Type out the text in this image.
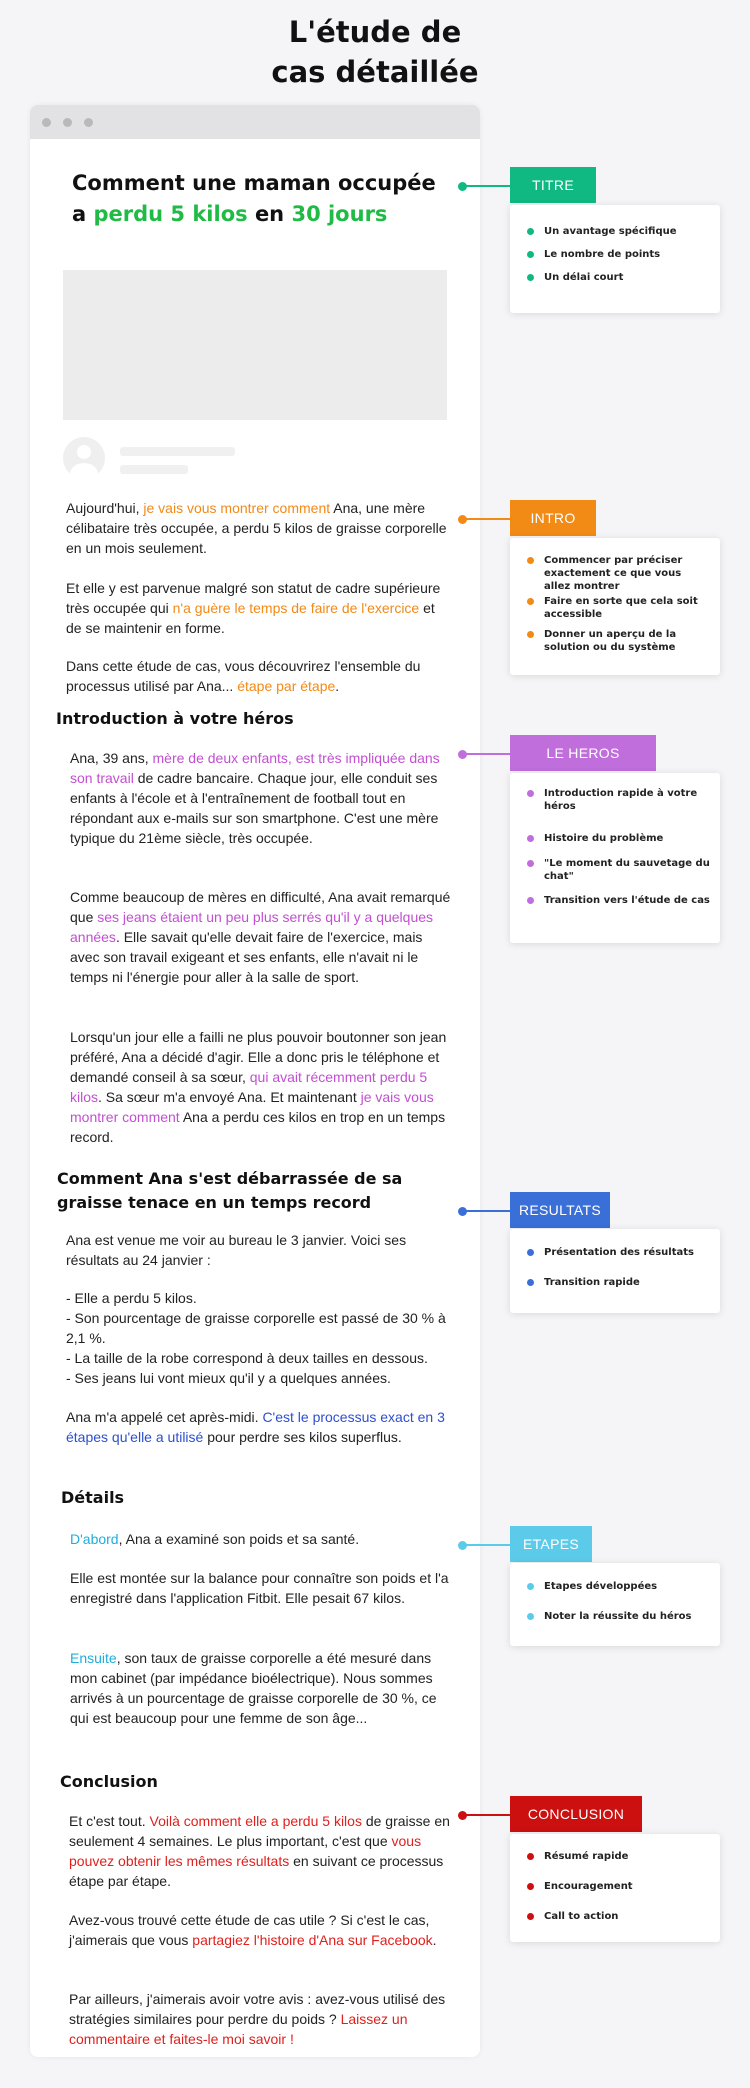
L'étude de cas détaillée
Comment une maman occupée a perdu 5 kilos en 30 jours
Aujourd'hui, je vais vous montrer comment Ana, une mère célibataire très occupée, a perdu 5 kilos de graisse corporelle en un mois seulement.
Et elle y est parvenue malgré son statut de cadre supérieure très occupée qui n'a guère le temps de faire de l'exercice et de se maintenir en forme.
Dans cette étude de cas, vous découvrirez l'ensemble du processus utilisé par Ana... étape par étape.
Introduction à votre héros
Ana, 39 ans, mère de deux enfants, est très impliquée dans son travail de cadre bancaire. Chaque jour, elle conduit ses enfants à l'école et à l'entraînement de football tout en répondant aux e-mails sur son smartphone. C'est une mère typique du 21ème siècle, très occupée.
Comme beaucoup de mères en difficulté, Ana avait remarqué que ses jeans étaient un peu plus serrés qu'il y a quelques années. Elle savait qu'elle devait faire de l'exercice, mais avec son travail exigeant et ses enfants, elle n'avait ni le temps ni l'énergie pour aller à la salle de sport.
Lorsqu'un jour elle a failli ne plus pouvoir boutonner son jean préféré, Ana a décidé d'agir. Elle a donc pris le téléphone et demandé conseil à sa sœur, qui avait récemment perdu 5 kilos. Sa sœur m'a envoyé Ana. Et maintenant je vais vous montrer comment Ana a perdu ces kilos en trop en un temps record.
Comment Ana s'est débarrassée de sa
graisse tenace en un temps record
Ana est venue me voir au bureau le 3 janvier. Voici ses résultats au 24 janvier :
- Elle a perdu 5 kilos.
- Son pourcentage de graisse corporelle est passé de 30 % à 2,1 %.
- La taille de la robe correspond à deux tailles en dessous.
- Ses jeans lui vont mieux qu'il y a quelques années.
Ana m'a appelé cet après-midi. C'est le processus exact en 3 étapes qu'elle a utilisé pour perdre ses kilos superflus.
Détails
D'abord, Ana a examiné son poids et sa santé.
Elle est montée sur la balance pour connaître son poids et l'a enregistré dans l'application Fitbit. Elle pesait 67 kilos.
Ensuite, son taux de graisse corporelle a été mesuré dans mon cabinet (par impédance bioélectrique). Nous sommes arrivés à un pourcentage de graisse corporelle de 30 %, ce qui est beaucoup pour une femme de son âge...
Conclusion
Et c'est tout. Voilà comment elle a perdu 5 kilos de graisse en seulement 4 semaines. Le plus important, c'est que vous pouvez obtenir les mêmes résultats en suivant ce processus étape par étape.
Avez-vous trouvé cette étude de cas utile ? Si c'est le cas, j'aimerais que vous partagiez l'histoire d'Ana sur Facebook.
Par ailleurs, j'aimerais avoir votre avis : avez-vous utilisé des stratégies similaires pour perdre du poids ? Laissez un commentaire et faites-le moi savoir !
TITRE
Un avantage spécifique
Le nombre de points
Un délai court
INTRO
Commencer par préciser exactement ce que vous allez montrer
Faire en sorte que cela soit accessible
Donner un aperçu de la solution ou du système
LE HEROS
Introduction rapide à votre héros
Histoire du problème
"Le moment du sauvetage du chat"
Transition vers l'étude de cas
RESULTATS
Présentation des résultats
Transition rapide
ETAPES
Etapes développées
Noter la réussite du héros
CONCLUSION
Résumé rapide
Encouragement
Call to action
